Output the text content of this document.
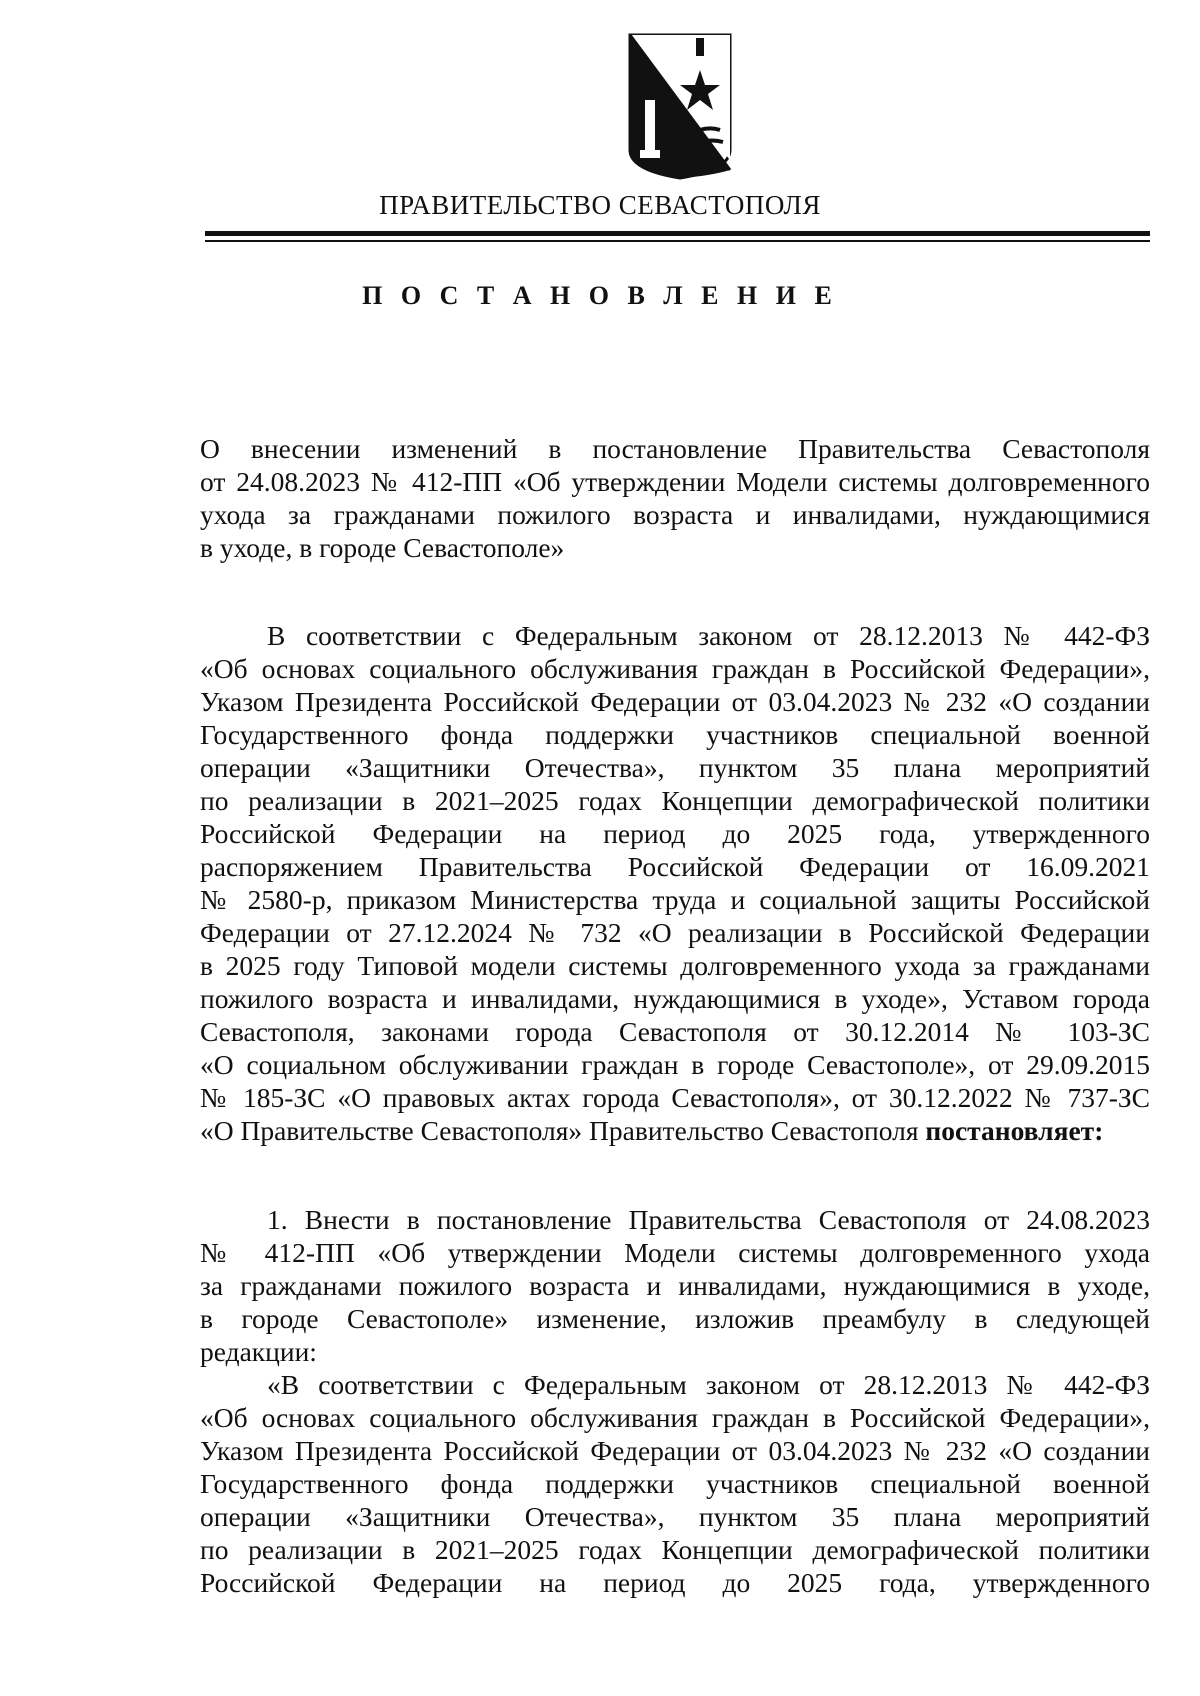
ПРАВИТЕЛЬСТВО СЕВАСТОПОЛЯ
П О С Т А Н О В Л Е Н И Е
О внесении изменений в постановление Правительства Севастополя
от 24.08.2023 № 412-ПП «Об утверждении Модели системы долговременного
ухода за гражданами пожилого возраста и инвалидами, нуждающимися
в уходе, в городе Севастополе»
В соответствии с Федеральным законом от 28.12.2013 № 442-ФЗ
«Об основах социального обслуживания граждан в Российской Федерации»,
Указом Президента Российской Федерации от 03.04.2023 № 232 «О создании
Государственного фонда поддержки участников специальной военной
операции «Защитники Отечества», пунктом 35 плана мероприятий
по реализации в 2021–2025 годах Концепции демографической политики
Российской Федерации на период до 2025 года, утвержденного
распоряжением Правительства Российской Федерации от 16.09.2021
№ 2580-р, приказом Министерства труда и социальной защиты Российской
Федерации от 27.12.2024 № 732 «О реализации в Российской Федерации
в 2025 году Типовой модели системы долговременного ухода за гражданами
пожилого возраста и инвалидами, нуждающимися в уходе», Уставом города
Севастополя, законами города Севастополя от 30.12.2014 № 103-ЗС
«О социальном обслуживании граждан в городе Севастополе», от 29.09.2015
№ 185-ЗС «О правовых актах города Севастополя», от 30.12.2022 № 737-ЗС
«О Правительстве Севастополя» Правительство Севастополя постановляет:
1. Внести в постановление Правительства Севастополя от 24.08.2023
№ 412-ПП «Об утверждении Модели системы долговременного ухода
за гражданами пожилого возраста и инвалидами, нуждающимися в уходе,
в городе Севастополе» изменение, изложив преамбулу в следующей
редакции:
«В соответствии с Федеральным законом от 28.12.2013 № 442-ФЗ
«Об основах социального обслуживания граждан в Российской Федерации»,
Указом Президента Российской Федерации от 03.04.2023 № 232 «О создании
Государственного фонда поддержки участников специальной военной
операции «Защитники Отечества», пунктом 35 плана мероприятий
по реализации в 2021–2025 годах Концепции демографической политики
Российской Федерации на период до 2025 года, утвержденного
